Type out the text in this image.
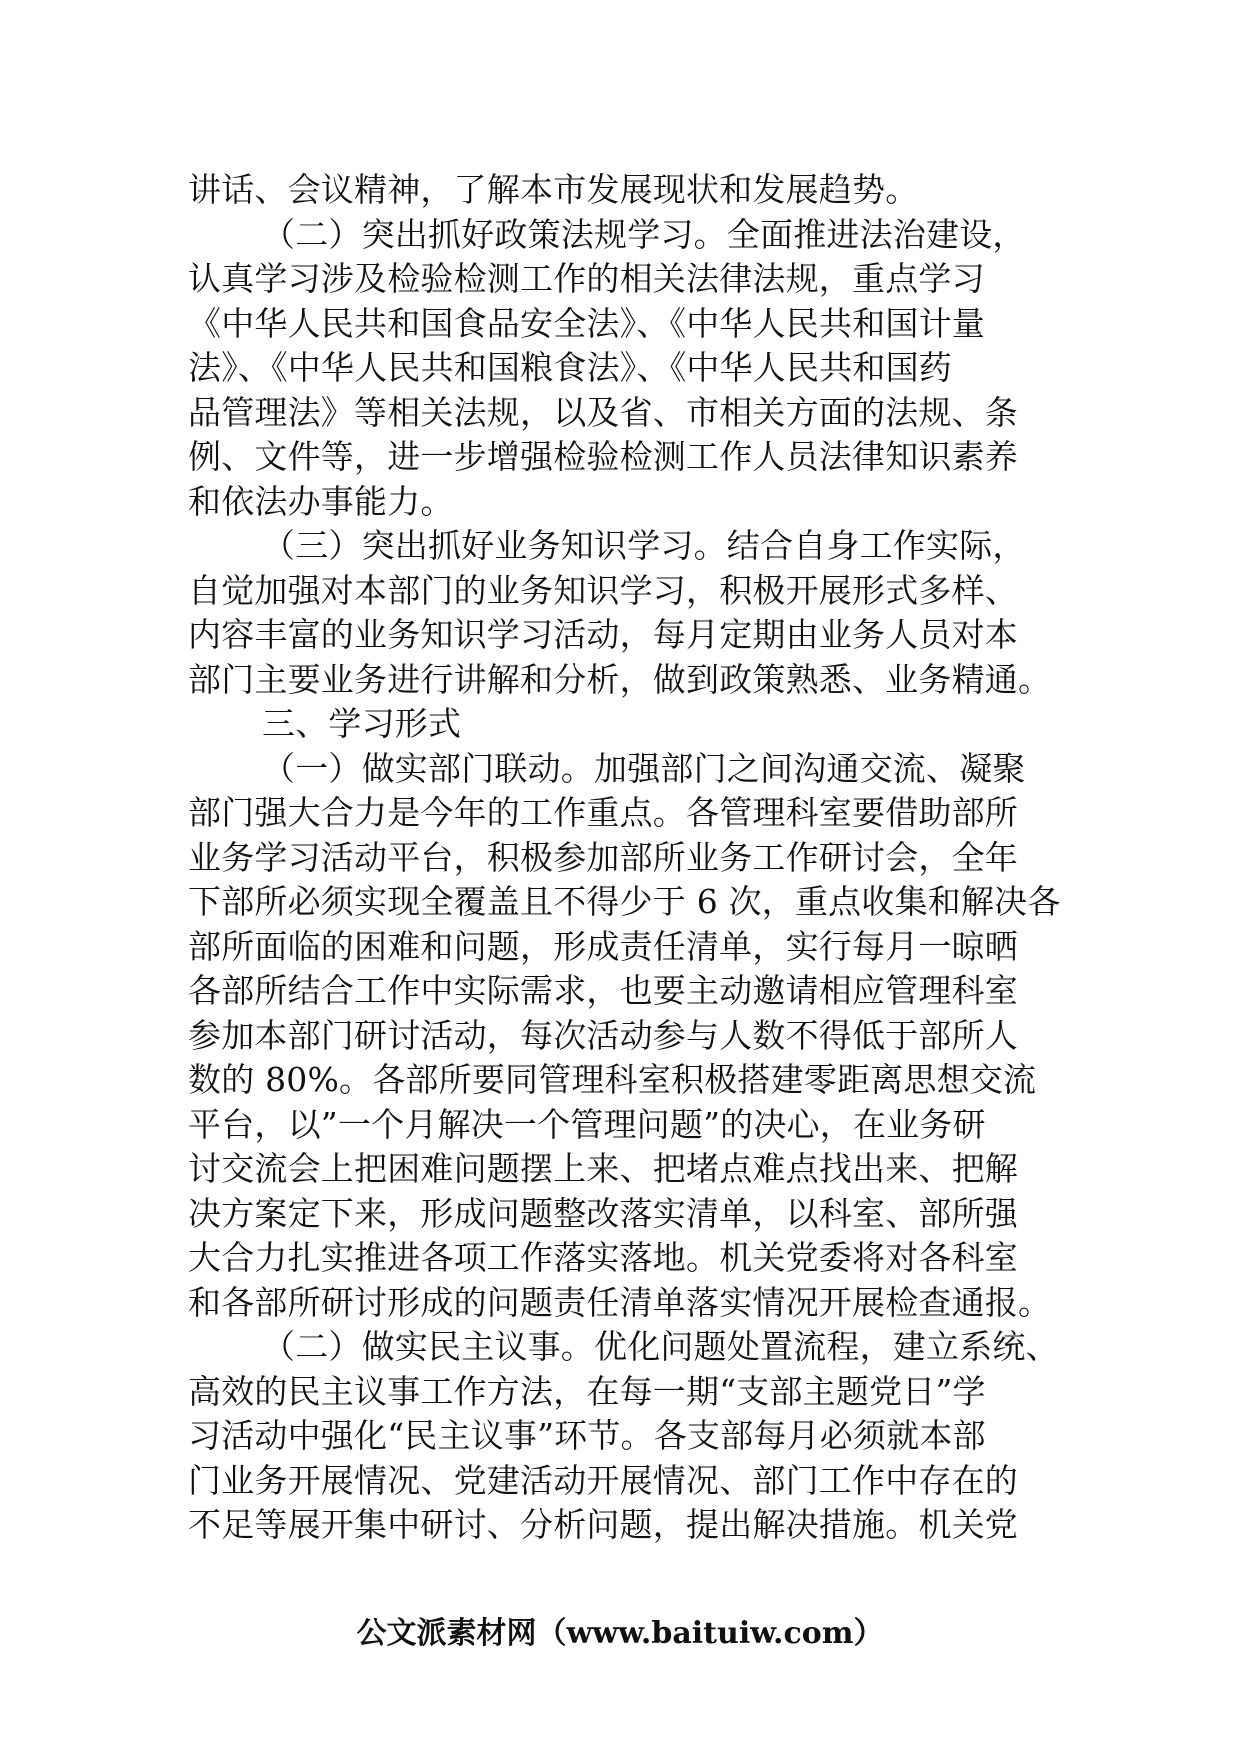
讲话、会议精神，了解本市发展现状和发展趋势。
（二）突出抓好政策法规学习。全面推进法治建设，
认真学习涉及检验检测工作的相关法律法规，重点学习
《中华人民共和国食品安全法》、《中华人民共和国计量
法》、《中华人民共和国粮食法》、《中华人民共和国药
品管理法》等相关法规，以及省、市相关方面的法规、条
例、文件等，进一步增强检验检测工作人员法律知识素养
和依法办事能力。
（三）突出抓好业务知识学习。结合自身工作实际，
自觉加强对本部门的业务知识学习，积极开展形式多样、
内容丰富的业务知识学习活动，每月定期由业务人员对本
部门主要业务进行讲解和分析，做到政策熟悉、业务精通。
三、学习形式
（一）做实部门联动。加强部门之间沟通交流、凝聚
部门强大合力是今年的工作重点。各管理科室要借助部所
业务学习活动平台，积极参加部所业务工作研讨会，全年
下部所必须实现全覆盖且不得少于 6 次，重点收集和解决各
部所面临的困难和问题，形成责任清单，实行每月一晾晒
各部所结合工作中实际需求，也要主动邀请相应管理科室
参加本部门研讨活动，每次活动参与人数不得低于部所人
数的 80%。各部所要同管理科室积极搭建零距离思想交流
平台，以”一个月解决一个管理问题”的决心，在业务研
讨交流会上把困难问题摆上来、把堵点难点找出来、把解
决方案定下来，形成问题整改落实清单，以科室、部所强
大合力扎实推进各项工作落实落地。机关党委将对各科室
和各部所研讨形成的问题责任清单落实情况开展检查通报。
（二）做实民主议事。优化问题处置流程，建立系统、
高效的民主议事工作方法，在每一期“支部主题党日”学
习活动中强化“民主议事”环节。各支部每月必须就本部
门业务开展情况、党建活动开展情况、部门工作中存在的
不足等展开集中研讨、分析问题，提出解决措施。机关党
公文派素材网（www.baituiw.com）
